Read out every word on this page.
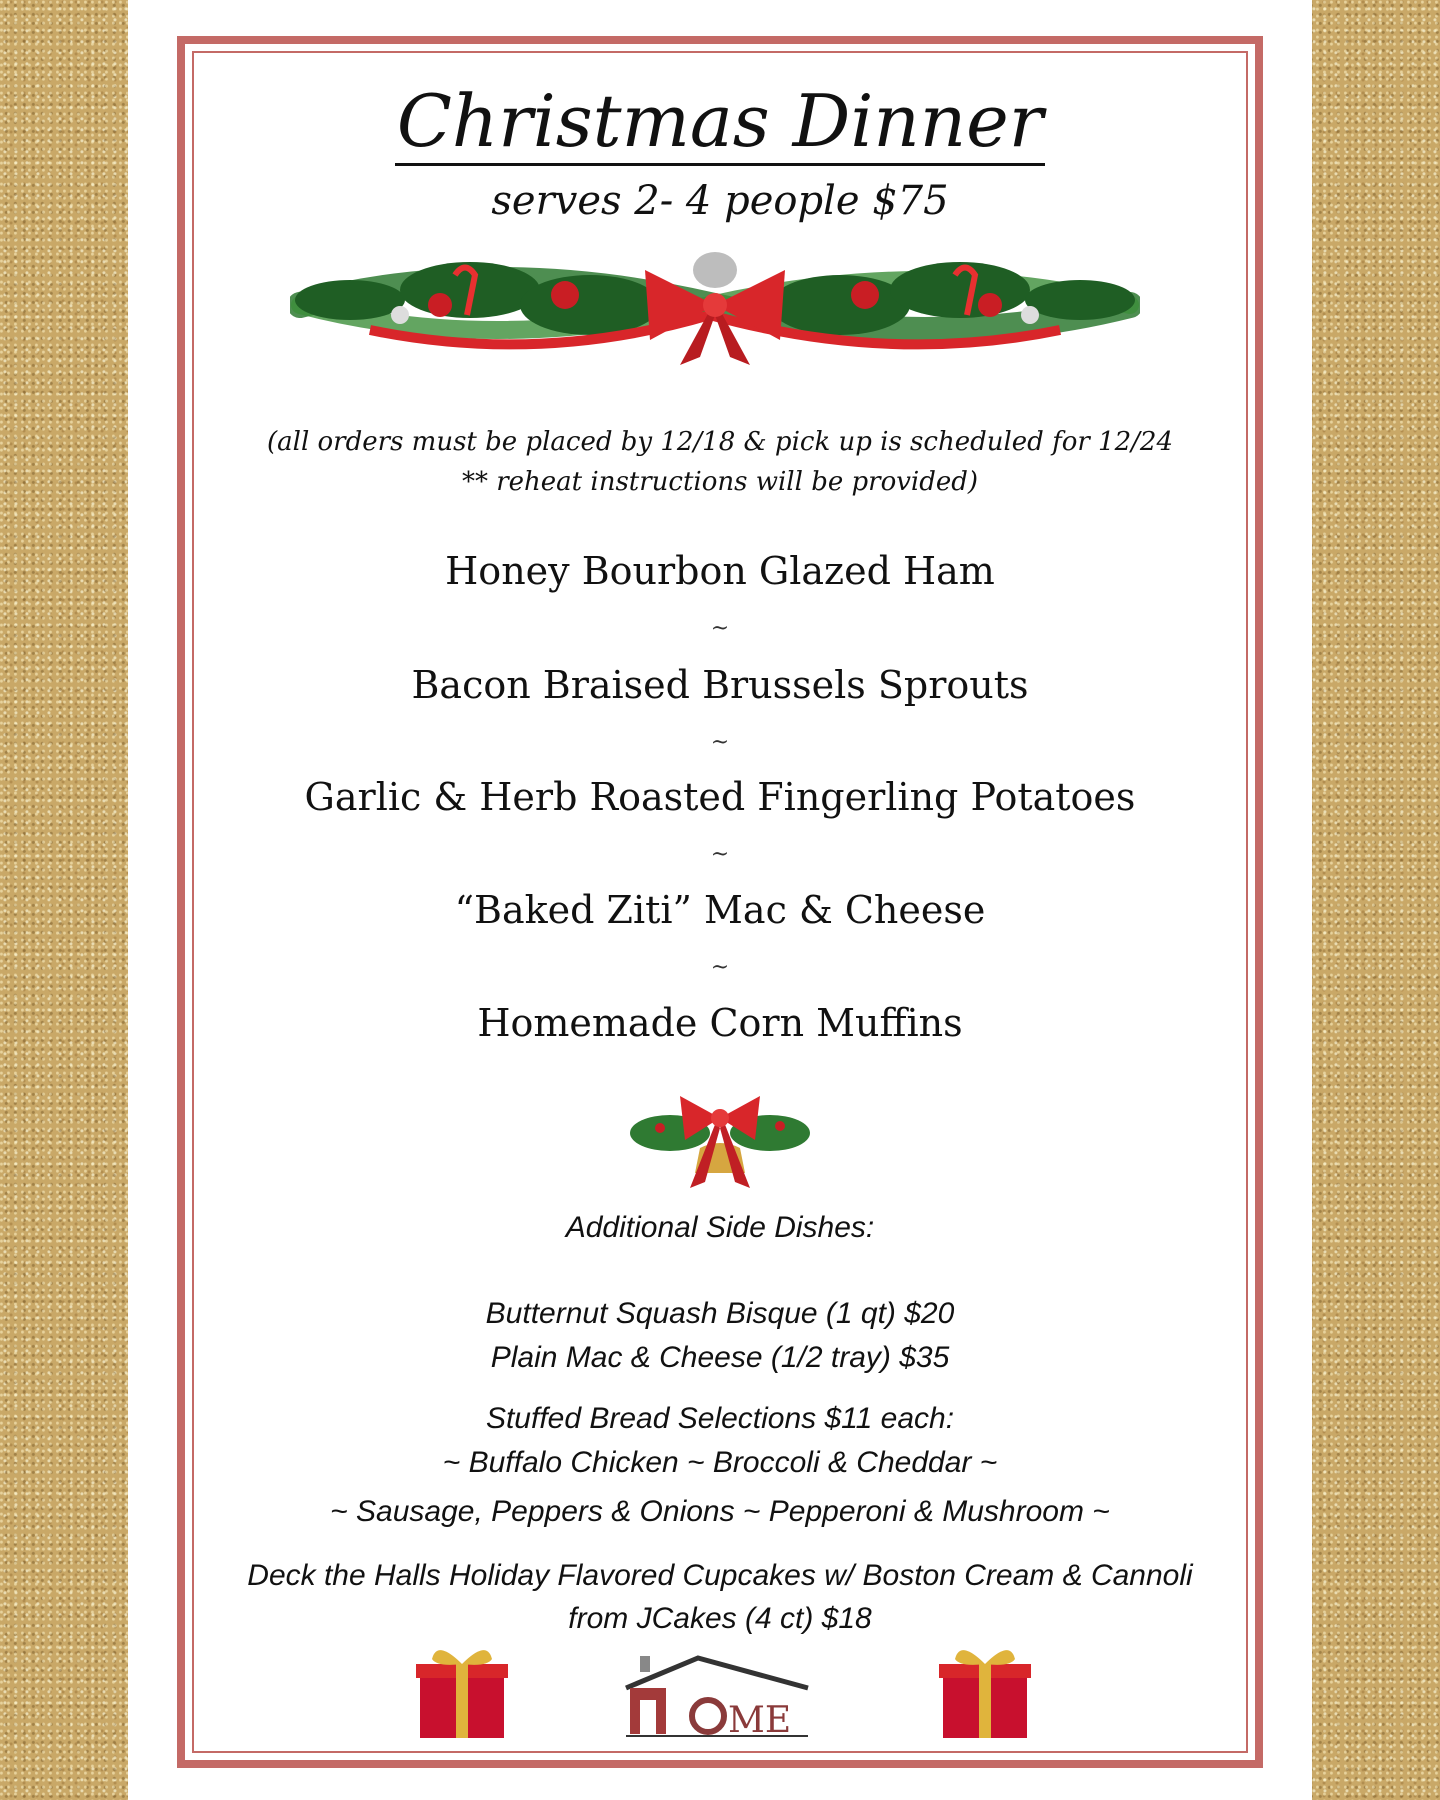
Christmas Dinner
serves 2- 4 people $75
(all orders must be placed by 12/18 & pick up is scheduled for 12/24
** reheat instructions will be provided)
Honey Bourbon Glazed Ham
~
Bacon Braised Brussels Sprouts
~
Garlic & Herb Roasted Fingerling Potatoes
~
“Baked Ziti” Mac & Cheese
~
Homemade Corn Muffins
Additional Side Dishes:
Butternut Squash Bisque (1 qt) $20
Plain Mac & Cheese (1/2 tray) $35
Stuffed Bread Selections $11 each:
~ Buffalo Chicken ~ Broccoli & Cheddar ~
~ Sausage, Peppers & Onions ~ Pepperoni & Mushroom ~
Deck the Halls Holiday Flavored Cupcakes w/ Boston Cream & Cannoli
from JCakes (4 ct) $18
ME
